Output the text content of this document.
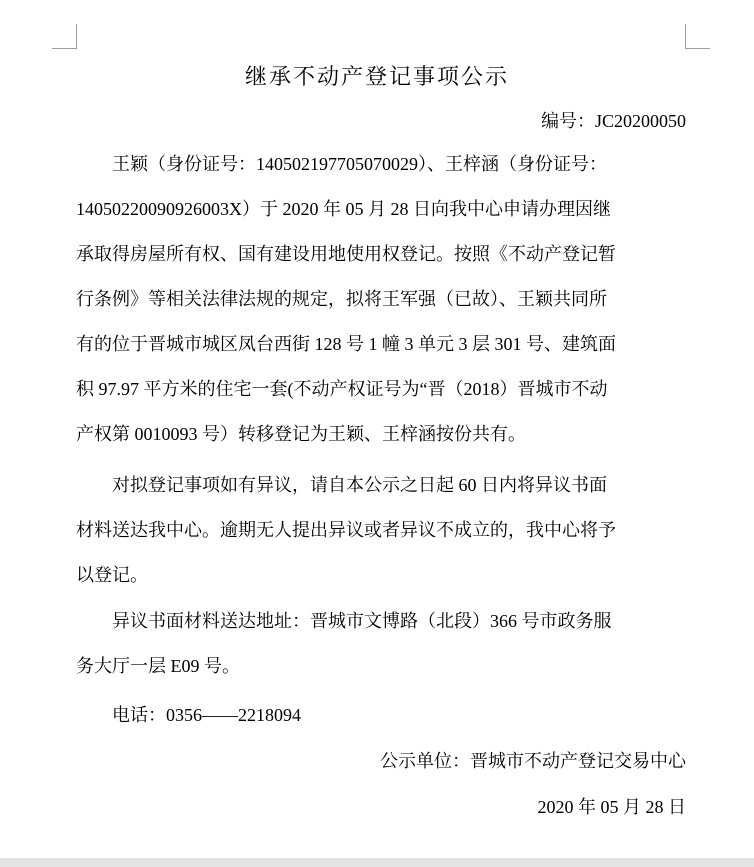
继承不动产登记事项公示
编号：JC20200050
　　王颖（身份证号：140502197705070029）、王梓涵（身份证号：
14050220090926003X）于 2020 年 05 月 28 日向我中心申请办理因继
承取得房屋所有权、国有建设用地使用权登记。按照《不动产登记暂
行条例》等相关法律法规的规定，拟将王军强（已故）、王颖共同所
有的位于晋城市城区凤台西街 128 号 1 幢 3 单元 3 层 301 号、建筑面
积 97.97 平方米的住宅一套(不动产权证号为“晋（2018）晋城市不动
产权第 0010093 号）转移登记为王颖、王梓涵按份共有。
　　对拟登记事项如有异议，请自本公示之日起 60 日内将异议书面
材料送达我中心。逾期无人提出异议或者异议不成立的，我中心将予
以登记。
　　异议书面材料送达地址：晋城市文博路（北段）366 号市政务服
务大厅一层 E09 号。
　　电话：0356——2218094
公示单位：晋城市不动产登记交易中心
2020 年 05 月 28 日
